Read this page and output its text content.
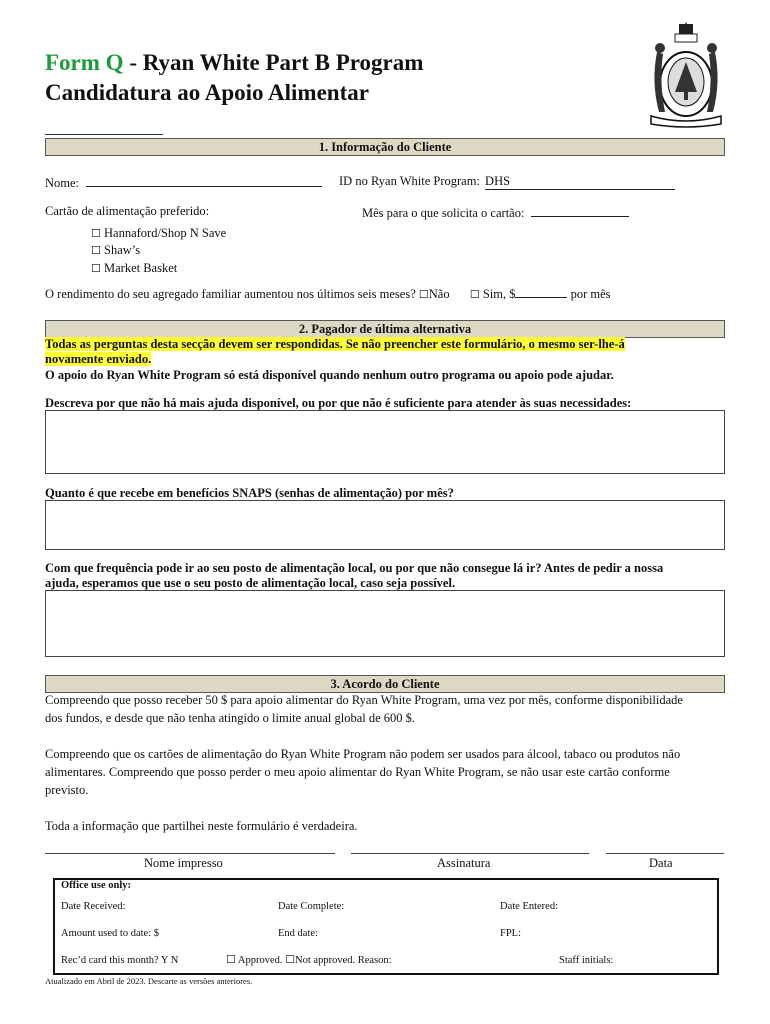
Form Q - Ryan White Part B Program
Candidatura ao Apoio Alimentar
1. Informação do Cliente
Nome:	ID no Ryan White Program: DHS
Cartão de alimentação preferido:	Mês para o que solicita o cartão:
☐ Hannaford/Shop N Save
☐ Shaw’s
☐ Market Basket
O rendimento do seu agregado familiar aumentou nos últimos seis meses? ☐Não ☐ Sim, $	por mês
2. Pagador de última alternativa
Todas as perguntas desta secção devem ser respondidas. Se não preencher este formulário, o mesmo ser-lhe-á
novamente enviado.
O apoio do Ryan White Program só está disponível quando nenhum outro programa ou apoio pode ajudar.
Descreva por que não há mais ajuda disponível, ou por que não é suficiente para atender às suas necessidades:
Quanto é que recebe em benefícios SNAPS (senhas de alimentação) por mês?
Com que frequência pode ir ao seu posto de alimentação local, ou por que não consegue lá ir? Antes de pedir a nossa
ajuda, esperamos que use o seu posto de alimentação local, caso seja possível.
3. Acordo do Cliente
Compreendo que posso receber 50 $ para apoio alimentar do Ryan White Program, uma vez por mês, conforme disponibilidade
dos fundos, e desde que não tenha atingido o limite anual global de 600 $.
Compreendo que os cartões de alimentação do Ryan White Program não podem ser usados para álcool, tabaco ou produtos não
alimentares. Compreendo que posso perder o meu apoio alimentar do Ryan White Program, se não usar este cartão conforme
previsto.
Toda a informação que partilhei neste formulário é verdadeira.
Nome impresso	Assinatura	Data
Office use only:
Date Received:	Date Complete:	Date Entered:
Amount used to date: $	End date:	FPL:
Rec’d card this month? Y N	☐ Approved. ☐Not approved. Reason:	Staff initials:
Atualizado em Abril de 2023. Descarte as versões anteriores.
